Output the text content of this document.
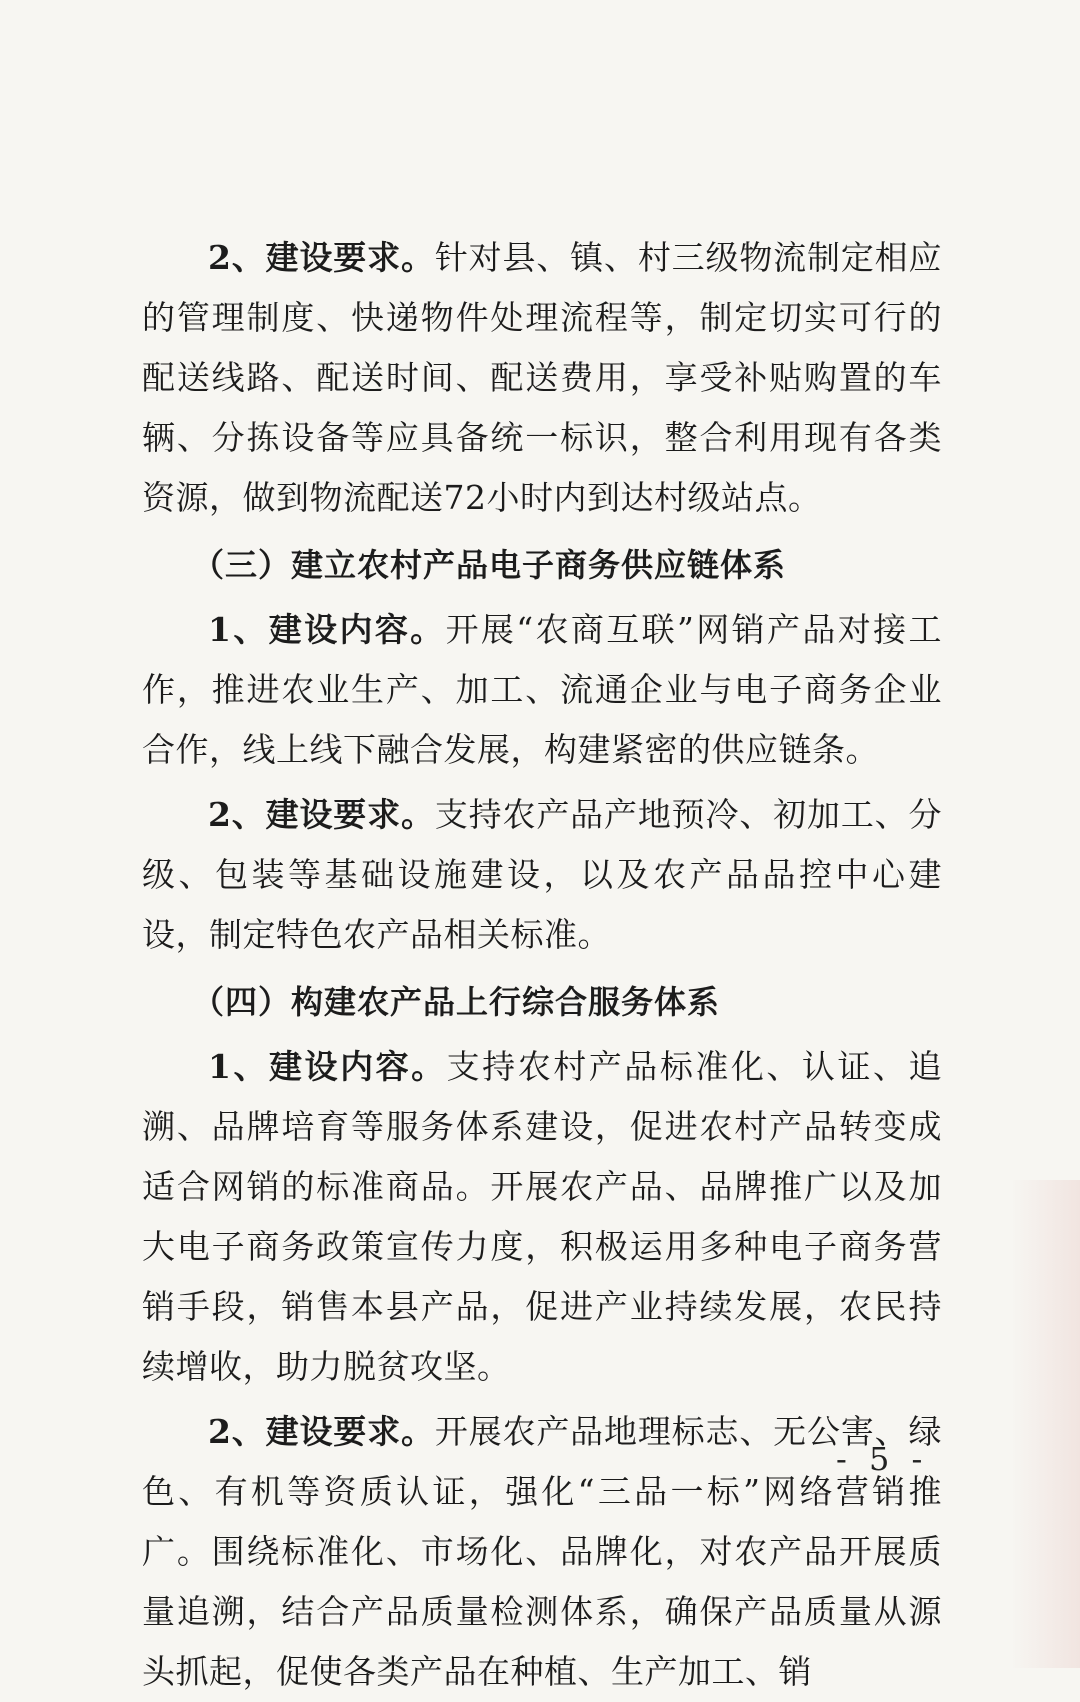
2、建设要求。针对县、镇、村三级物流制定相应的管理制度、快递物件处理流程等，制定切实可行的配送线路、配送时间、配送费用，享受补贴购置的车辆、分拣设备等应具备统一标识，整合利用现有各类资源，做到物流配送72小时内到达村级站点。

（三）建立农村产品电子商务供应链体系

1、建设内容。开展“农商互联”网销产品对接工作，推进农业生产、加工、流通企业与电子商务企业合作，线上线下融合发展，构建紧密的供应链条。

2、建设要求。支持农产品产地预冷、初加工、分级、包装等基础设施建设，以及农产品品控中心建设，制定特色农产品相关标准。

（四）构建农产品上行综合服务体系

1、建设内容。支持农村产品标准化、认证、追溯、品牌培育等服务体系建设，促进农村产品转变成适合网销的标准商品。开展农产品、品牌推广以及加大电子商务政策宣传力度，积极运用多种电子商务营销手段，销售本县产品，促进产业持续发展，农民持续增收，助力脱贫攻坚。

2、建设要求。开展农产品地理标志、无公害、绿色、有机等资质认证，强化“三品一标”网络营销推广。围绕标准化、市场化、品牌化，对农产品开展质量追溯，结合产品质量检测体系，确保产品质量从源头抓起，促使各类产品在种植、生产加工、销

- 5 -
